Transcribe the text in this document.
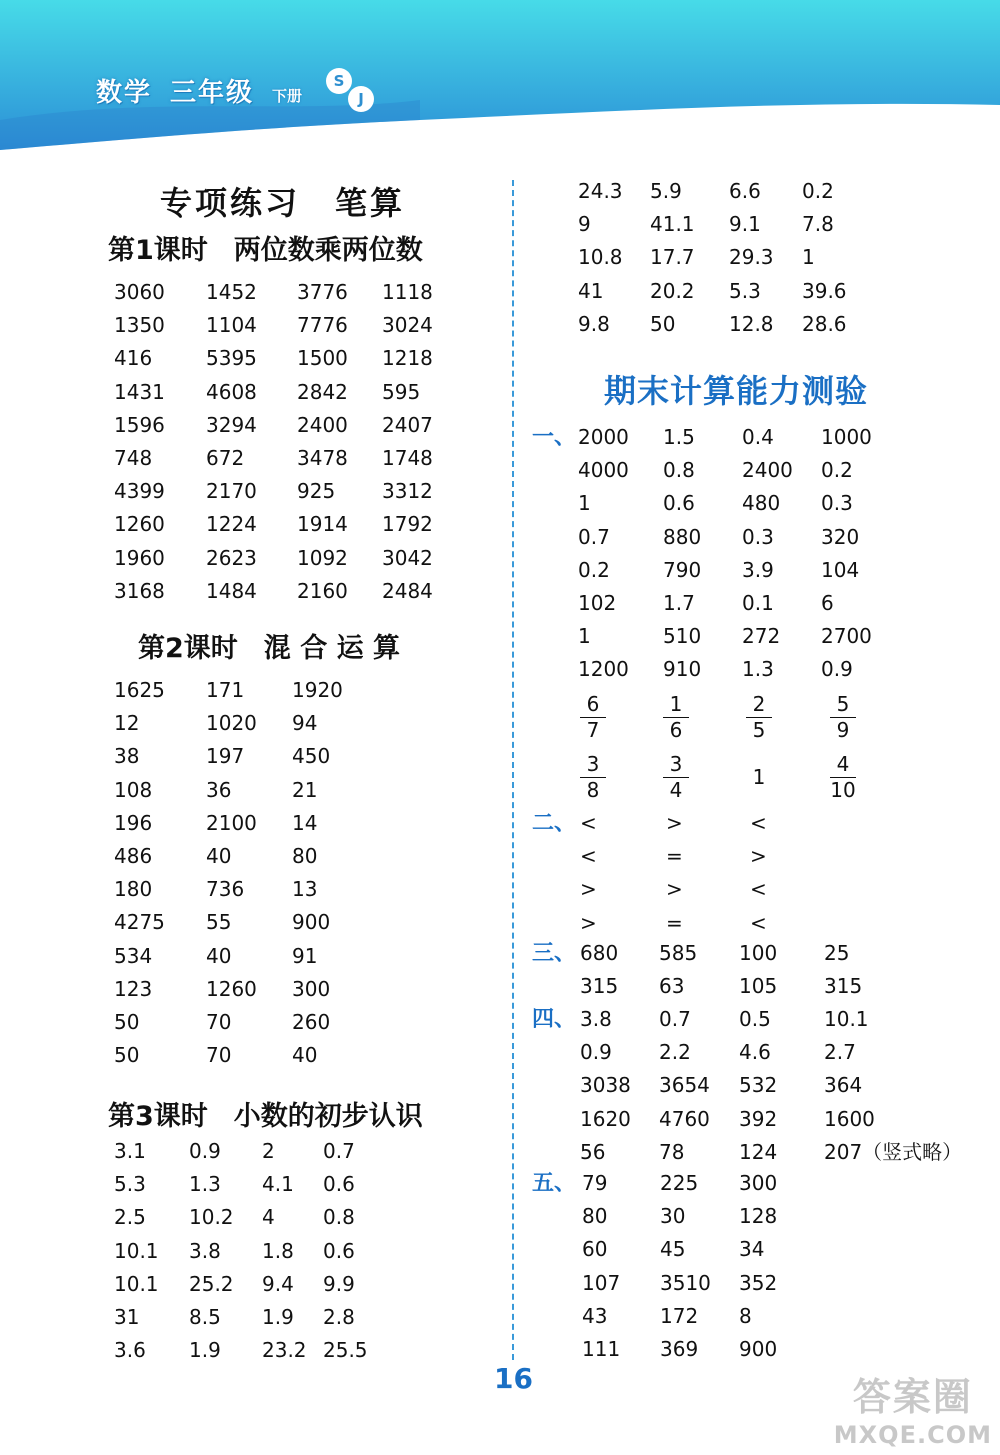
数学 三年级 下册
S
J
专项练习　笔算
第1课时 两位数乘两位数
第2课时 混 合 运 算
第3课时 小数的初步认识
3060 1452 3776 1118
1350 1104 7776 3024
416	5395 1500 1218
1431 4608 2842 595
1596 3294 2400 2407
748	672	3478 1748
4399 2170 925 3312
1260 1224 1914 1792
1960 2623 1092 3042
3168 1484 2160 2484
1625 171 1920
12	1020 94
38	197 450
108	36	21
196	2100 14
486	40	80
180	736 13
4275 55	900
534	40	91
123	1260 300
50	70	260
50	70	40
3.1 0.9 2 0.7
5.3 1.3 4.1 0.6
2.5 10.2 4 0.8
10.1 3.8 1.8 0.6
10.1 25.2 9.4 9.9
31 8.5 1.9 2.8
3.6 1.9 23.2 25.5
24.3 5.9 6.6 0.2
9	41.1 9.1 7.8
10.8 17.7 29.3 1
41 20.2 5.3 39.6
9.8 50	12.8 28.6
期末计算能力测验
一、 2000 1.5 0.4 1000
4000 0.8 2400 0.2
1	0.6 480 0.3
0.7	880 0.3 320
0.2	790 3.9 104
102 1.7 0.1 6
1	510 272 2700
1200 910 1.3 0.9
二、 <	>	<
<	=	>
>	>	<
>	=	<
三、 680 585 100 25
315 63	105 315
四、 3.8 0.7 0.5	10.1
0.9 2.2 4.6	2.7
3038 3654 532 364
1620 4760 392 1600
56	78	124 207（竖式略）
五、 79	225 300
80	30	128
60	45	34
107 3510 352
43	172 8
111 369 900
16	答案圈
MXQE.COM
$\frac{6}{7}$	$\frac{1}{6}$	$\frac{2}{5}$	$\frac{5}{9}$
$\frac{3}{8}$	$\frac{3}{4}$	1	$\frac{4}{10}$
